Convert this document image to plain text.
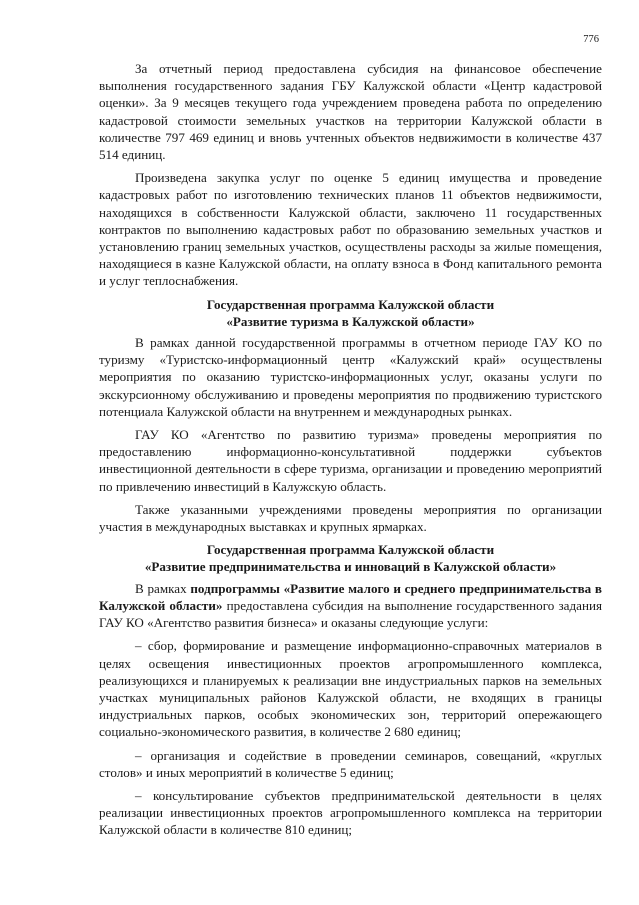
776

За отчетный период предоставлена субсидия на финансовое обеспечение выполнения государственного задания ГБУ Калужской области «Центр кадастровой оценки». За 9 месяцев текущего года учреждением проведена работа по определению кадастровой стоимости земельных участков на территории Калужской области в количестве 797 469 единиц и вновь учтенных объектов недвижимости в количестве 437 514 единиц.

Произведена закупка услуг по оценке 5 единиц имущества и проведение кадастровых работ по изготовлению технических планов 11 объектов недвижимости, находящихся в собственности Калужской области, заключено 11 государственных контрактов по выполнению кадастровых работ по образованию земельных участков и установлению границ земельных участков, осуществлены расходы за жилые помещения, находящиеся в казне Калужской области, на оплату взноса в Фонд капитального ремонта и услуг теплоснабжения.

Государственная программа Калужской области
«Развитие туризма в Калужской области»

В рамках данной государственной программы в отчетном периоде ГАУ КО по туризму «Туристско-информационный центр «Калужский край» осуществлены мероприятия по оказанию туристско-информационных услуг, оказаны услуги по экскурсионному обслуживанию и проведены мероприятия по продвижению туристского потенциала Калужской области на внутреннем и международных рынках.

ГАУ КО «Агентство по развитию туризма» проведены мероприятия по предоставлению информационно-консультативной поддержки субъектов инвестиционной деятельности в сфере туризма, организации и проведению мероприятий по привлечению инвестиций в Калужскую область.

Также указанными учреждениями проведены мероприятия по организации участия в международных выставках и крупных ярмарках.

Государственная программа Калужской области
«Развитие предпринимательства и инноваций в Калужской области»

В рамках подпрограммы «Развитие малого и среднего предпринимательства в Калужской области» предоставлена субсидия на выполнение государственного задания ГАУ КО «Агентство развития бизнеса» и оказаны следующие услуги:

– сбор, формирование и размещение информационно-справочных материалов в целях освещения инвестиционных проектов агропромышленного комплекса, реализующихся и планируемых к реализации вне индустриальных парков на земельных участках муниципальных районов Калужской области, не входящих в границы индустриальных парков, особых экономических зон, территорий опережающего социально-экономического развития, в количестве 2 680 единиц;

– организация и содействие в проведении семинаров, совещаний, «круглых столов» и иных мероприятий в количестве 5 единиц;

– консультирование субъектов предпринимательской деятельности в целях реализации инвестиционных проектов агропромышленного комплекса на территории Калужской области в количестве 810 единиц;
